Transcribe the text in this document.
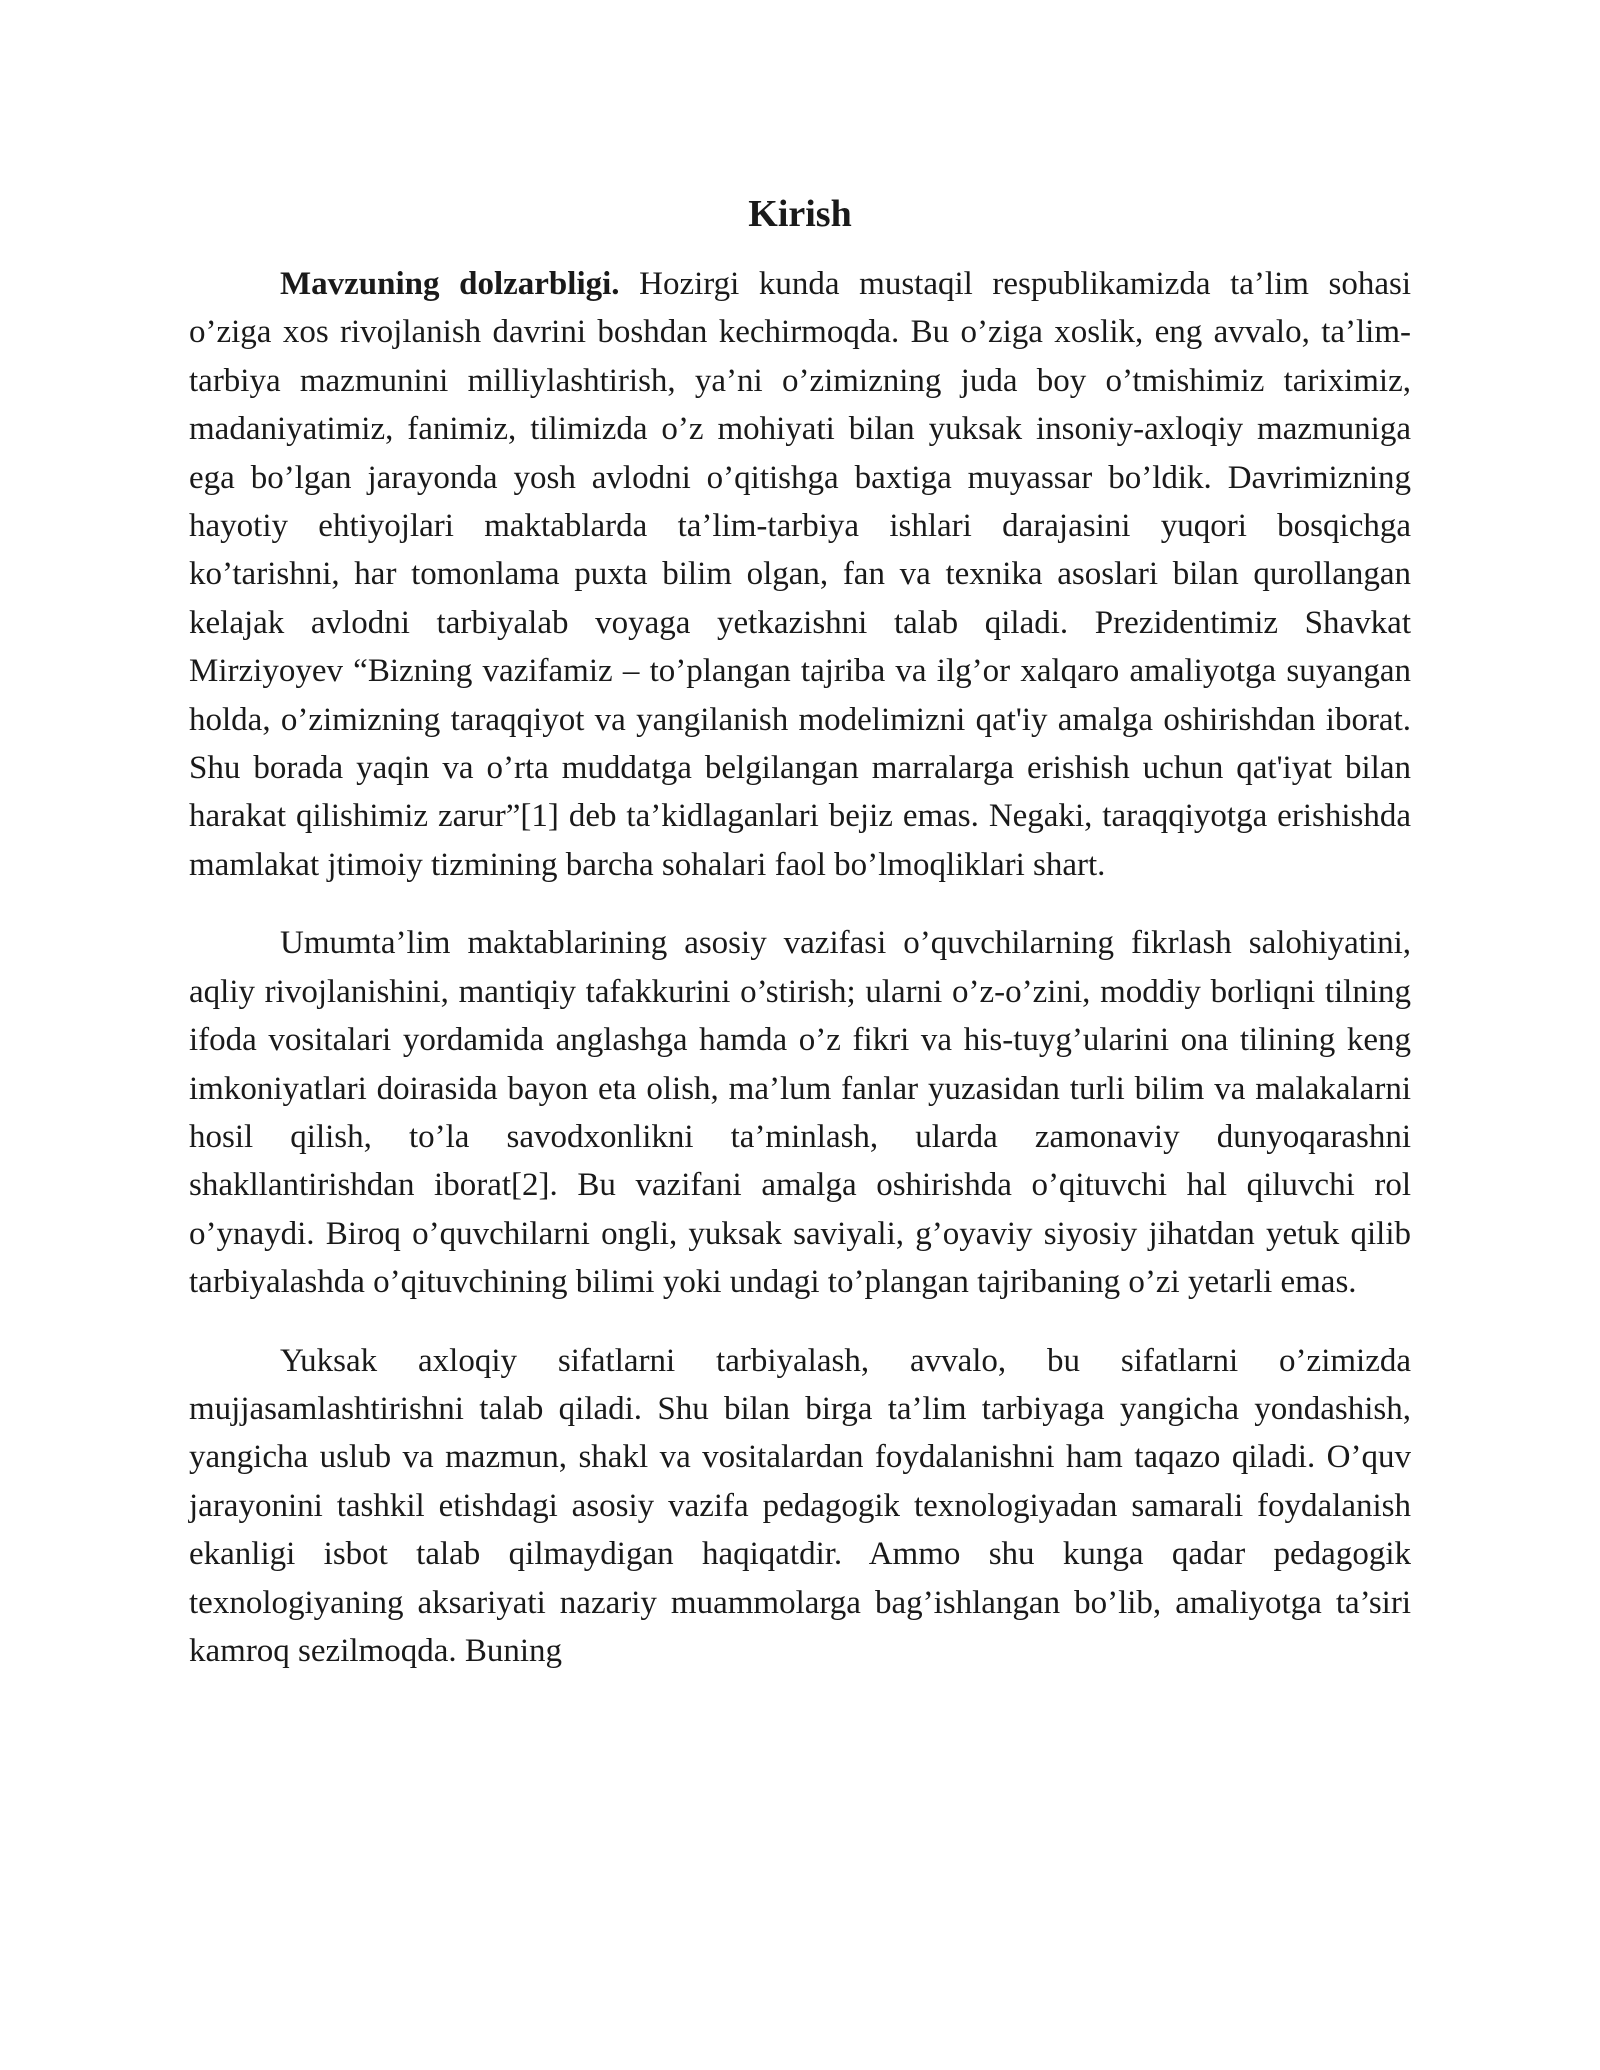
Kirish

Mavzuning dolzarbligi. Hozirgi kunda mustaqil respublikamizda ta’lim sohasi o’ziga xos rivojlanish davrini boshdan kechirmoqda. Bu o’ziga xoslik, eng avvalo, ta’lim-tarbiya mazmunini milliylashtirish, ya’ni o’zimizning juda boy o’tmishimiz tariximiz, madaniyatimiz, fanimiz, tilimizda o’z mohiyati bilan yuksak insoniy-axloqiy mazmuniga ega bo’lgan jarayonda yosh avlodni o’qitishga baxtiga muyassar bo’ldik. Davrimizning hayotiy ehtiyojlari maktablarda ta’lim-tarbiya ishlari darajasini yuqori bosqichga ko’tarishni, har tomonlama puxta bilim olgan, fan va texnika asoslari bilan qurollangan kelajak avlodni tarbiyalab voyaga yetkazishni talab qiladi. Prezidentimiz Shavkat Mirziyoyev “Bizning vazifamiz – to’plangan tajriba va ilg’or xalqaro amaliyotga suyangan holda, o’zimizning taraqqiyot va yangilanish modelimizni qat'iy amalga oshirishdan iborat. Shu borada yaqin va o’rta muddatga belgilangan marralarga erishish uchun qat'iyat bilan harakat qilishimiz zarur”[1] deb ta’kidlaganlari bejiz emas. Negaki, taraqqiyotga erishishda mamlakat jtimoiy tizmining barcha sohalari faol bo’lmoqliklari shart.

Umumta’lim maktablarining asosiy vazifasi o’quvchilarning fikrlash salohiyatini, aqliy rivojlanishini, mantiqiy tafakkurini o’stirish; ularni o’z-o’zini, moddiy borliqni tilning ifoda vositalari yordamida anglashga hamda o’z fikri va his-tuyg’ularini ona tilining keng imkoniyatlari doirasida bayon eta olish, ma’lum fanlar yuzasidan turli bilim va malakalarni hosil qilish, to’la savodxonlikni ta’minlash, ularda zamonaviy dunyoqarashni shakllantirishdan iborat[2]. Bu vazifani amalga oshirishda o’qituvchi hal qiluvchi rol o’ynaydi. Biroq o’quvchilarni ongli, yuksak saviyali, g’oyaviy siyosiy jihatdan yetuk qilib tarbiyalashda o’qituvchining bilimi yoki undagi to’plangan tajribaning o’zi yetarli emas.

Yuksak axloqiy sifatlarni tarbiyalash, avvalo, bu sifatlarni o’zimizda mujjasamlashtirishni talab qiladi. Shu bilan birga ta’lim tarbiyaga yangicha yondashish, yangicha uslub va mazmun, shakl va vositalardan foydalanishni ham taqazo qiladi. O’quv jarayonini tashkil etishdagi asosiy vazifa pedagogik texnologiyadan samarali foydalanish ekanligi isbot talab qilmaydigan haqiqatdir. Ammo shu kunga qadar pedagogik texnologiyaning aksariyati nazariy muammolarga bag’ishlangan bo’lib, amaliyotga ta’siri kamroq sezilmoqda. Buning
